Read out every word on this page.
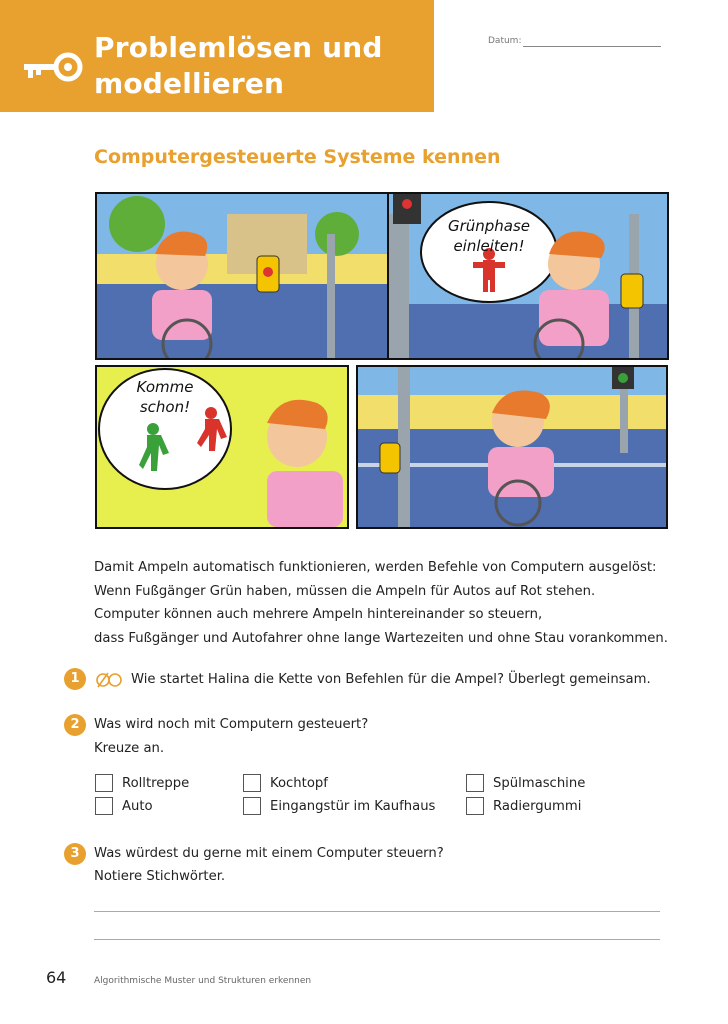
Problemlösen und
modellieren
Datum:
Computergesteuerte Systeme kennen
Grünphase
einleiten!
Komme
schon!
Damit Ampeln automatisch funktionieren, werden Befehle von Computern ausgelöst:
Wenn Fußgänger Grün haben, müssen die Ampeln für Autos auf Rot stehen.
Computer können auch mehrere Ampeln hintereinander so steuern,
dass Fußgänger und Autofahrer ohne lange Wartezeiten und ohne Stau vorankommen.
1	Wie startet Halina die Kette von Befehlen für die Ampel? Überlegt gemeinsam.
2	Was wird noch mit Computern gesteuert?
Kreuze an.
Rolltreppe	Kochtopf	Spülmaschine
Auto	Eingangstür im Kaufhaus	Radiergummi
3	Was würdest du gerne mit einem Computer steuern?
Notiere Stichwörter.
64	Algorithmische Muster und Strukturen erkennen
